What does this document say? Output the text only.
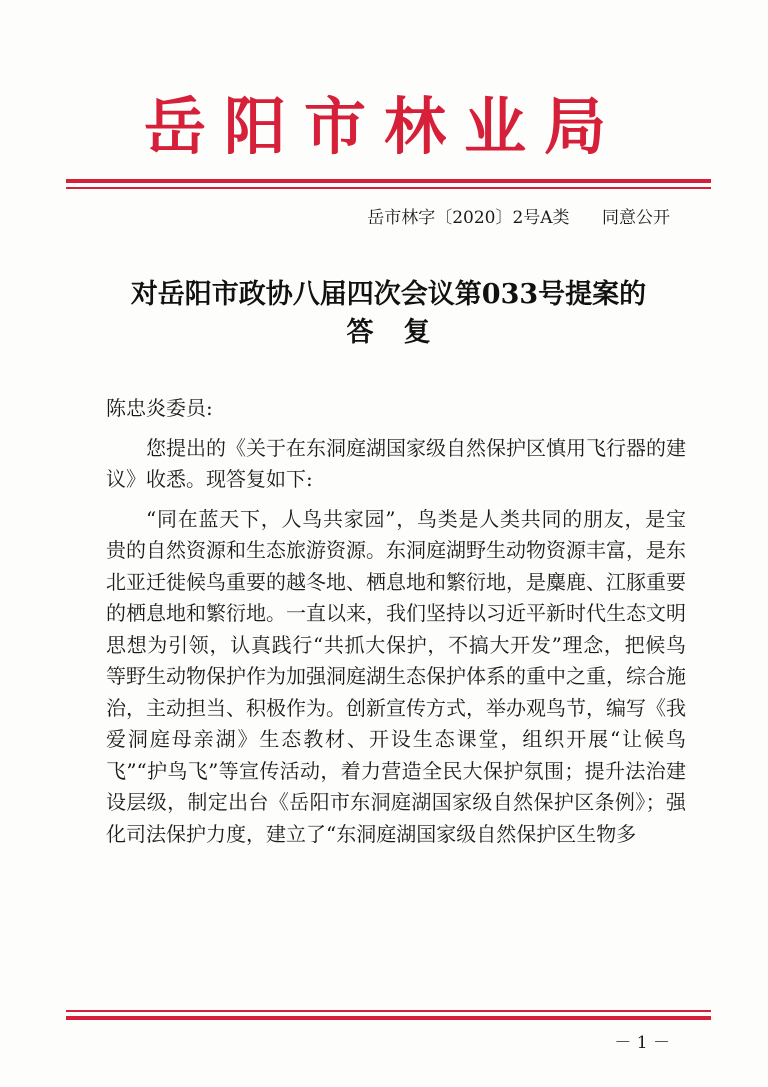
岳阳市林业局
岳市林字〔2020〕2号A类 同意公开
对岳阳市政协八届四次会议第033号提案的
答复

陈忠炎委员:

您提出的《关于在东洞庭湖国家级自然保护区慎用飞行器的建议》收悉。现答复如下:

“同在蓝天下，人鸟共家园”，鸟类是人类共同的朋友，是宝贵的自然资源和生态旅游资源。东洞庭湖野生动物资源丰富，是东北亚迁徙候鸟重要的越冬地、栖息地和繁衍地，是麋鹿、江豚重要的栖息地和繁衍地。一直以来，我们坚持以习近平新时代生态文明思想为引领，认真践行“共抓大保护，不搞大开发”理念，把候鸟等野生动物保护作为加强洞庭湖生态保护体系的重中之重，综合施治，主动担当、积极作为。创新宣传方式，举办观鸟节，编写《我爱洞庭母亲湖》生态教材、开设生态课堂，组织开展“让候鸟飞”“护鸟飞”等宣传活动，着力营造全民大保护氛围；提升法治建设层级，制定出台《岳阳市东洞庭湖国家级自然保护区条例》；强化司法保护力度，建立了“东洞庭湖国家级自然保护区生物多

－ 1 －
